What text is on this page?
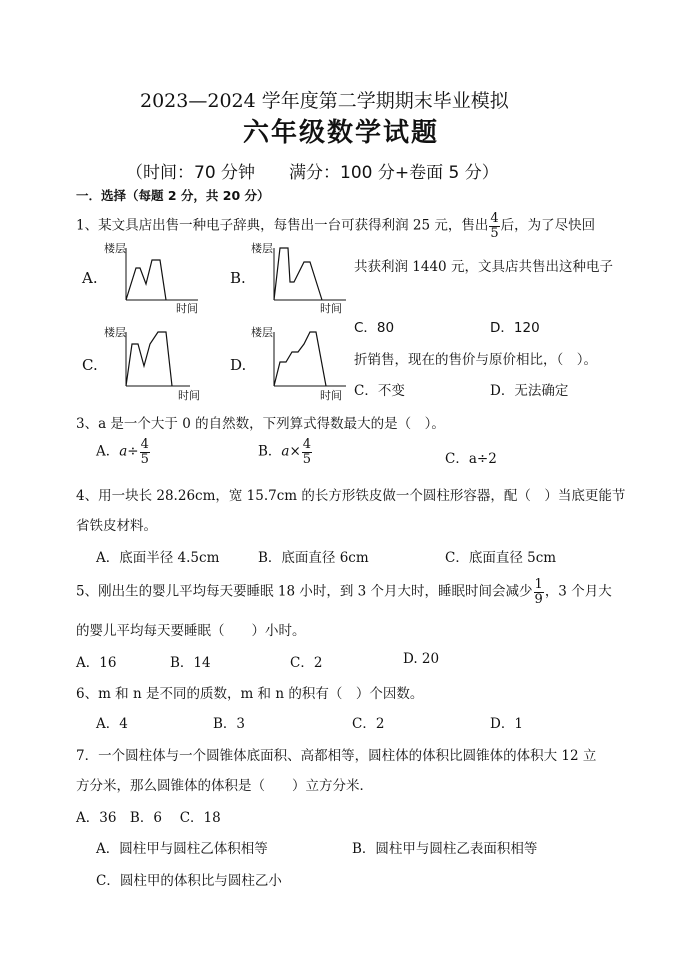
2023—2024 学年度第二学期期末毕业模拟
六年级数学试题
（时间：70 分钟　　满分：100 分+卷面 5 分）
一．选择（每题 2 分，共 20 分）
1、某文具店出售一种电子辞典，每售出一台可获得利润 25 元，售出 $\frac{4}{5}$ 后，为了尽快回
A.
楼层
时间
B.
楼层
时间
共获利润 1440 元，文具店共售出这种电子
C．80	D．120
C.
楼层
时间
D.
楼层
时间
折销售，现在的售价与原价相比，（　）。
C．不变	D．无法确定
3、a 是一个大于 0 的自然数，下列算式得数最大的是（　）。
A．$a\div \frac{4}{5}$	B．$a\times \frac{4}{5}$	C．a÷2
4、用一块长 28.26cm，宽 15.7cm 的长方形铁皮做一个圆柱形容器，配（　）当底更能节
省铁皮材料。
A．底面半径 4.5cm	B．底面直径 6cm	C．底面直径 5cm
5、刚出生的婴儿平均每天要睡眠 18 小时，到 3 个月大时，睡眠时间会减少 $\frac{1}{9}$ ，3 个月大
的婴儿平均每天要睡眠（　　）小时。
A．16	B．14	C．2	D. 20
6、m 和 n 是不同的质数，m 和 n 的积有（　）个因数。
A．4	B．3	C．2	D．1
7．一个圆柱体与一个圆锥体底面积、高都相等，圆柱体的体积比圆锥体的体积大 12 立
方分米，那么圆锥体的体积是（　　）立方分米．
A．36　B．6　 C．18
A．圆柱甲与圆柱乙体积相等	B．圆柱甲与圆柱乙表面积相等
C．圆柱甲的体积比与圆柱乙小
